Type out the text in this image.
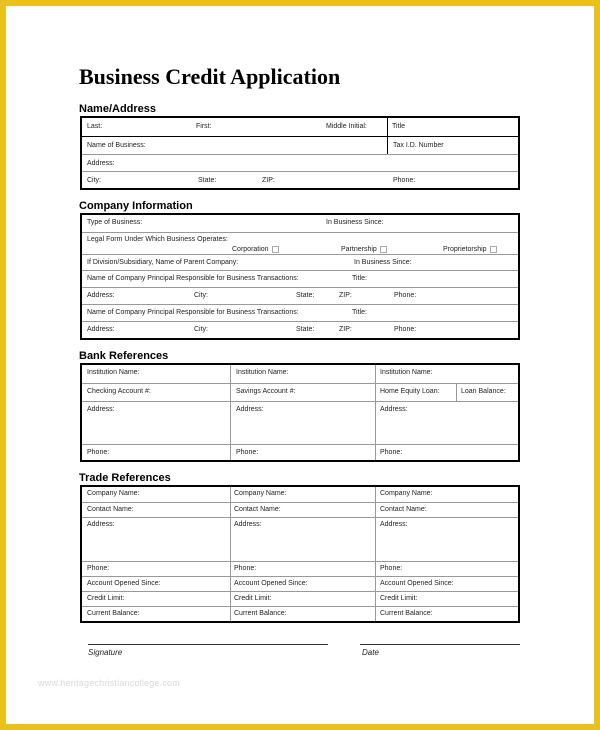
Business Credit Application
Name/Address
Last:	First:	Middle Initial:	Title
Name of Business:	Tax I.D. Number
Address:
City:	State:	ZIP:	Phone:
Company Information
Type of Business:	In Business Since:
Legal Form Under Which Business Operates:
Corporation	Partnership	Proprietorship
If Division/Subsidiary, Name of Parent Company:	In Business Since:
Name of Company Principal Responsible for Business Transactions:	Title:
Address:	City:	State:	ZIP:	Phone:
Name of Company Principal Responsible for Business Transactions:	Title:
Address:	City:	State:	ZIP:	Phone:
Bank References
Institution Name:	Institution Name:	Institution Name:
Checking Account #:	Savings Account #:	Home Equity Loan:	Loan Balance:
Address:	Address:	Address:
Phone:	Phone:	Phone:
Trade References
Company Name:	Company Name:	Company Name:
Contact Name:	Contact Name:	Contact Name:
Address:	Address:	Address:
Phone:	Phone:	Phone:
Account Opened Since:	Account Opened Since:	Account Opened Since:
Credit Limit:	Credit Limit:	Credit Limit:
Current Balance:	Current Balance:	Current Balance:
Signature	Date
www.heritagechristiancollege.com
